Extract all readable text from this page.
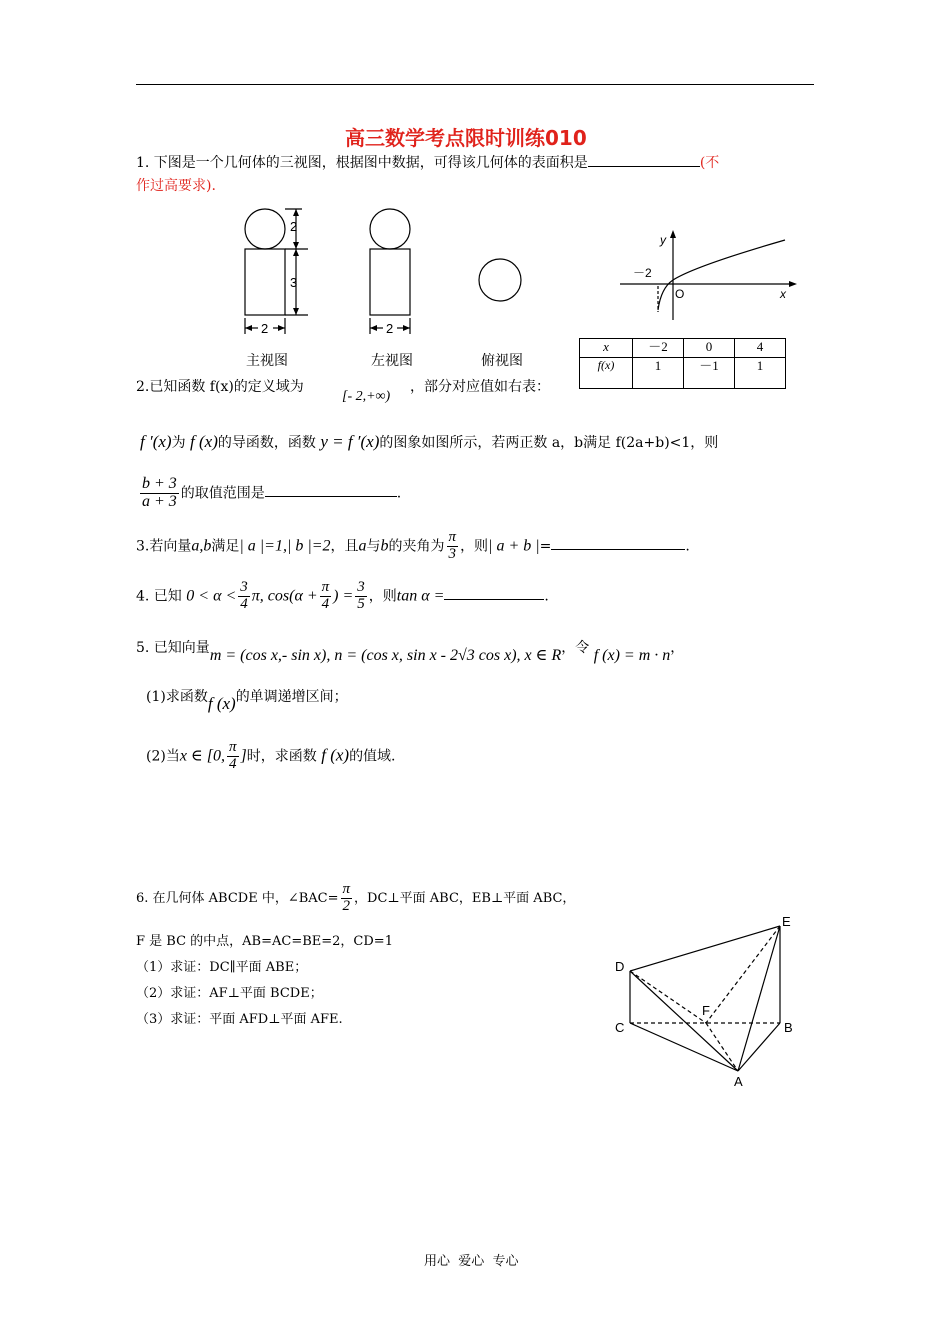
高三数学考点限时训练010
1. 下图是一个几何体的三视图，根据图中数据，可得该几何体的表面积是	(不
作过高要求).
2
3
2	2
主视图	左视图	俯视图
y
x
O
－2
x	－2	0	4
f(x)	1	－1	1
2.已知函数 f(x)的定义域为
[- 2,+∞)
，部分对应值如右表：
f ′(x)为 f (x)的导函数，函数 y = f ′(x)的图象如图所示，若两正数 a，b满足 f(2a+b)<1，则
$\frac{b + 3}{a + 3}$ 的取值范围是	.
3.若向量a,b满足| a |=1,| b |=2，且a与b的夹角为 $\frac{\pi}{3}$ ，则| a + b |=	.
4. 已知 $0 < \alpha < \frac{3}{4} \pi$, $\cos(\alpha + \frac{\pi}{4}$ ) = $\frac{3}{5}$ ，则tan α =	.
5. 已知向量m = (cos x,- sin x), n = (cos x, sin x - 2√3 cos x), x ∈ R，令 f (x) = m · n，
(1)求函数f (x)的单调递增区间；
(2)当x ∈ [0, $\frac{\pi}{4}$ ]时，求函数 f (x)的值域.
6. 在几何体 ABCDE 中，∠BAC= $\frac{\pi}{2}$ ，DC⊥平面 ABC，EB⊥平面 ABC，
F 是 BC 的中点，AB=AC=BE=2，CD=1
（1）求证：DC∥平面 ABE；
（2）求证：AF⊥平面 BCDE；
（3）求证：平面 AFD⊥平面 AFE.
E
D
F
C	B
A
用心  爱心  专心
